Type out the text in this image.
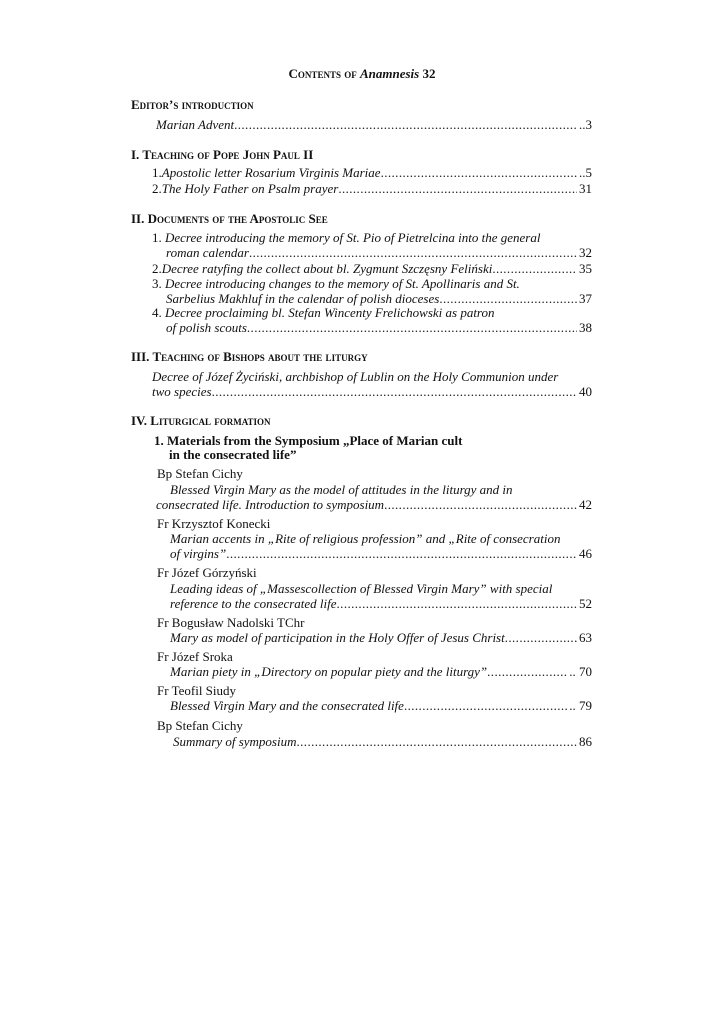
Contents of Anamnesis 32
Editor’s introduction
Marian Advent .....	..3
I. Teaching of Pope John Paul II
1. Apostolic letter Rosarium Virginis Mariae .....	..5
2. The Holy Father on Psalm prayer .....	31
II. Documents of the Apostolic See
1. Decree introducing the memory of St. Pio of Pietrelcina into the general
roman calendar .....	32
2. Decree ratyfing the collect about bl. Zygmunt Szczęsny Feliński .....	35
3. Decree introducing changes to the memory of St. Apollinaris and St.
Sarbelius Makhluf in the calendar of polish dioceses .....	37
4. Decree proclaiming bl. Stefan Wincenty Frelichowski as patron
of polish scouts .....	38
III. Teaching of Bishops about the liturgy
Decree of Józef Życiński, archbishop of Lublin on the Holy Communion under
two species .....	40
IV. Liturgical formation
1. Materials from the Symposium „Place of Marian cult
in the consecrated life”
Bp Stefan Cichy
Blessed Virgin Mary as the model of attitudes in the liturgy and in
consecrated life. Introduction to symposium .....	42
Fr Krzysztof Konecki
Marian accents in „Rite of religious profession” and „Rite of consecration
of virgins” .....	46
Fr Józef Górzyński
Leading ideas of „Massescollection of Blessed Virgin Mary” with special
reference to the consecrated life .....	52
Fr Bogusław Nadolski TChr
Mary as model of participation in the Holy Offer of Jesus Christ .....	63
Fr Józef Sroka
Marian piety in „Directory on popular piety and the liturgy” .....	.. 70
Fr Teofil Siudy
Blessed Virgin Mary and the consecrated life .....	.. 79
Bp Stefan Cichy
Summary of symposium .....	86
